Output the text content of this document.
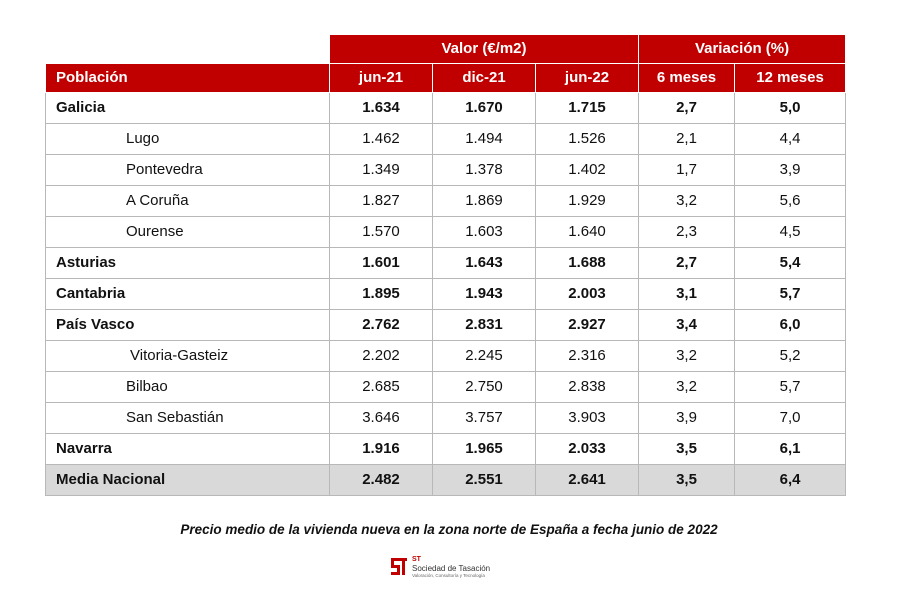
	Valor (€/m2)			Variación (%)	
Población	jun-21	dic-21	jun-22	6 meses	12 meses
Galicia	1.634	1.670	1.715	2,7	5,0
Lugo	1.462	1.494	1.526	2,1	4,4
Pontevedra	1.349	1.378	1.402	1,7	3,9
A Coruña	1.827	1.869	1.929	3,2	5,6
Ourense	1.570	1.603	1.640	2,3	4,5
Asturias	1.601	1.643	1.688	2,7	5,4
Cantabria	1.895	1.943	2.003	3,1	5,7
País Vasco	2.762	2.831	2.927	3,4	6,0
Vitoria-Gasteiz	2.202	2.245	2.316	3,2	5,2
Bilbao	2.685	2.750	2.838	3,2	5,7
San Sebastián	3.646	3.757	3.903	3,9	7,0
Navarra	1.916	1.965	2.033	3,5	6,1
Media Nacional	2.482	2.551	2.641	3,5	6,4
Precio medio de la vivienda nueva en la zona norte de España a fecha junio de 2022
ST
Sociedad de Tasación
Valoración, Consultoría y Tecnología
